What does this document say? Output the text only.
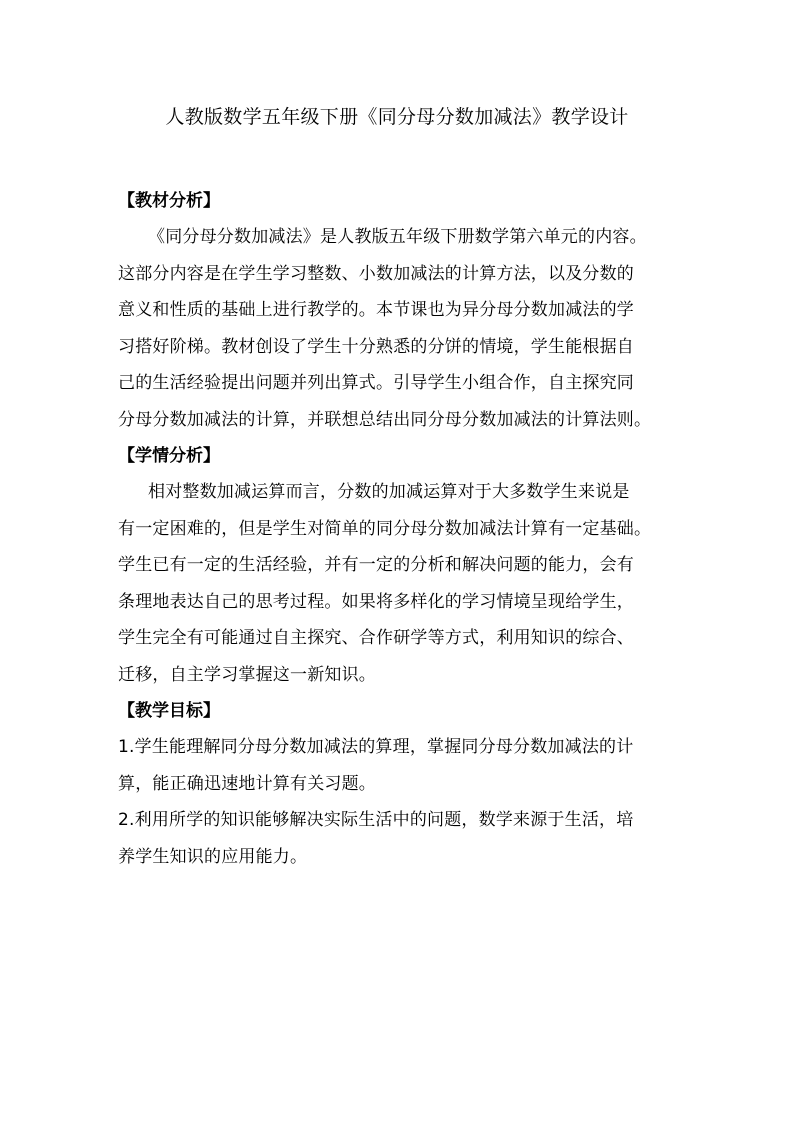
人教版数学五年级下册《同分母分数加减法》教学设计
【教材分析】
《同分母分数加减法》是人教版五年级下册数学第六单元的内容。
这部分内容是在学生学习整数、小数加减法的计算方法，以及分数的
意义和性质的基础上进行教学的。本节课也为异分母分数加减法的学
习搭好阶梯。教材创设了学生十分熟悉的分饼的情境，学生能根据自
己的生活经验提出问题并列出算式。引导学生小组合作，自主探究同
分母分数加减法的计算，并联想总结出同分母分数加减法的计算法则。
【学情分析】
相对整数加减运算而言，分数的加减运算对于大多数学生来说是
有一定困难的，但是学生对简单的同分母分数加减法计算有一定基础。
学生已有一定的生活经验，并有一定的分析和解决问题的能力，会有
条理地表达自己的思考过程。如果将多样化的学习情境呈现给学生，
学生完全有可能通过自主探究、合作研学等方式，利用知识的综合、
迁移，自主学习掌握这一新知识。
【教学目标】
1.学生能理解同分母分数加减法的算理，掌握同分母分数加减法的计
算，能正确迅速地计算有关习题。
2.利用所学的知识能够解决实际生活中的问题，数学来源于生活，培
养学生知识的应用能力。
